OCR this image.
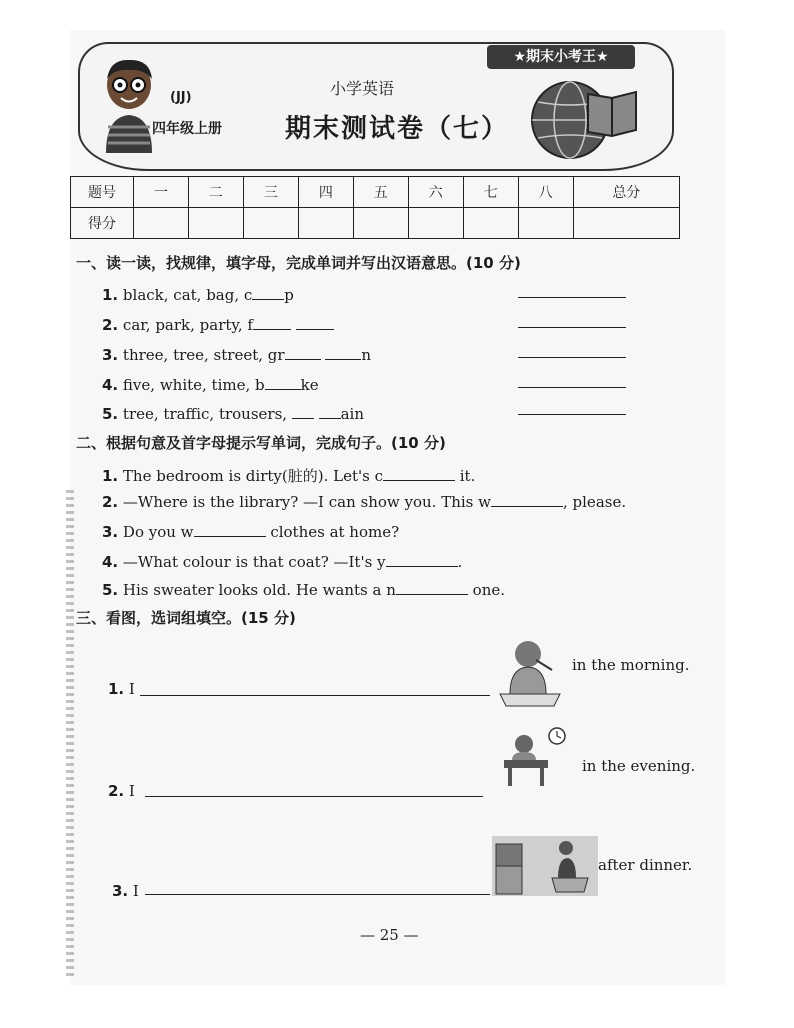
★期末小考王★
(JJ)
四年级上册
小学英语
期末测试卷（七）
题号	一	二	三	四	五	六	七	八	总分
得分									
一、读一读，找规律，填字母，完成单词并写出汉语意思。(10 分)
1. black, cat, bag, c p
2. car, park, party, f
3. three, tree, street, gr	n
4. five, white, time, b ke
5. tree, traffic, trousers,	ain
二、根据句意及首字母提示写单词，完成句子。(10 分)
1. The bedroom is dirty(脏的). Let's c	it.
2. —Where is the library? —I can show you. This w	, please.
3. Do you w	clothes at home?
4. —What colour is that coat? —It's y	.
5. His sweater looks old. He wants a n	one.
三、看图，选词组填空。(15 分)
1. I
in the morning.
2. I
in the evening.
3. I
after dinner.
— 25 —
